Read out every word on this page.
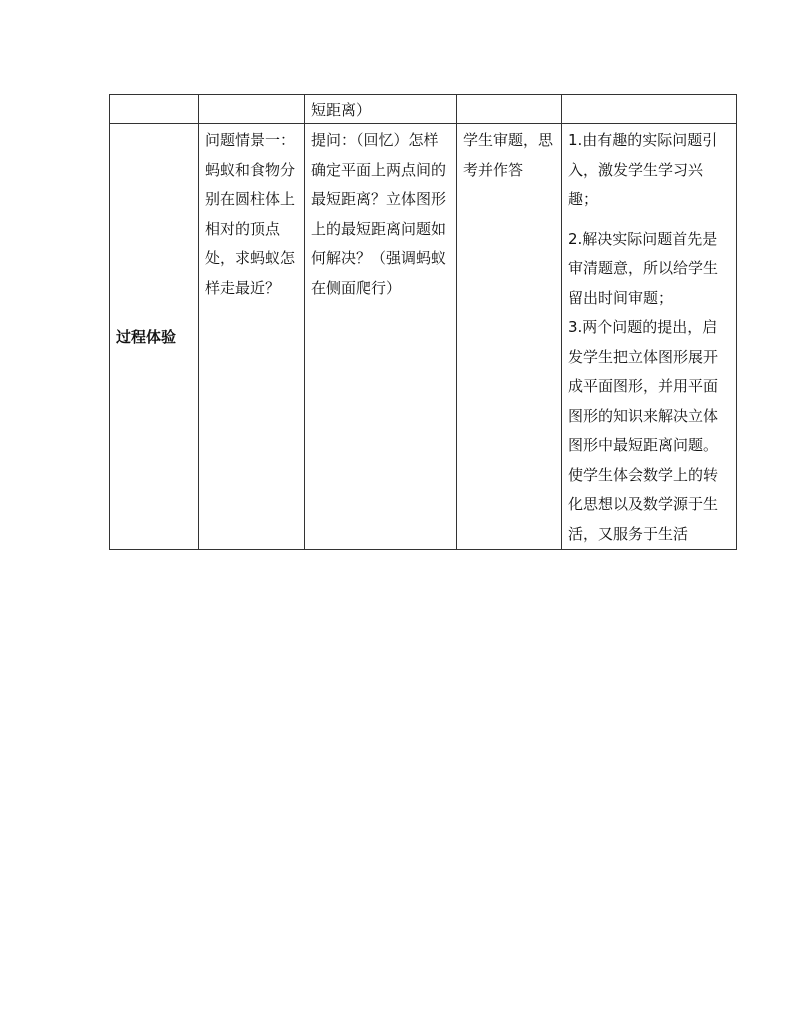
		短距离）		
过程体验	问题情景一：蚂蚁和食物分别在圆柱体上相对的顶点处，求蚂蚁怎样走最近？	提问：（回忆）怎样确定平面上两点间的最短距离？立体图形上的最短距离问题如何解决？（强调蚂蚁在侧面爬行）	学生审题，思考并作答	1.由有趣的实际问题引入，激发学生学习兴趣；

2.解决实际问题首先是审清题意，所以给学生留出时间审题；

3.两个问题的提出，启发学生把立体图形展开成平面图形，并用平面图形的知识来解决立体图形中最短距离问题。使学生体会数学上的转化思想以及数学源于生活，又服务于生活
